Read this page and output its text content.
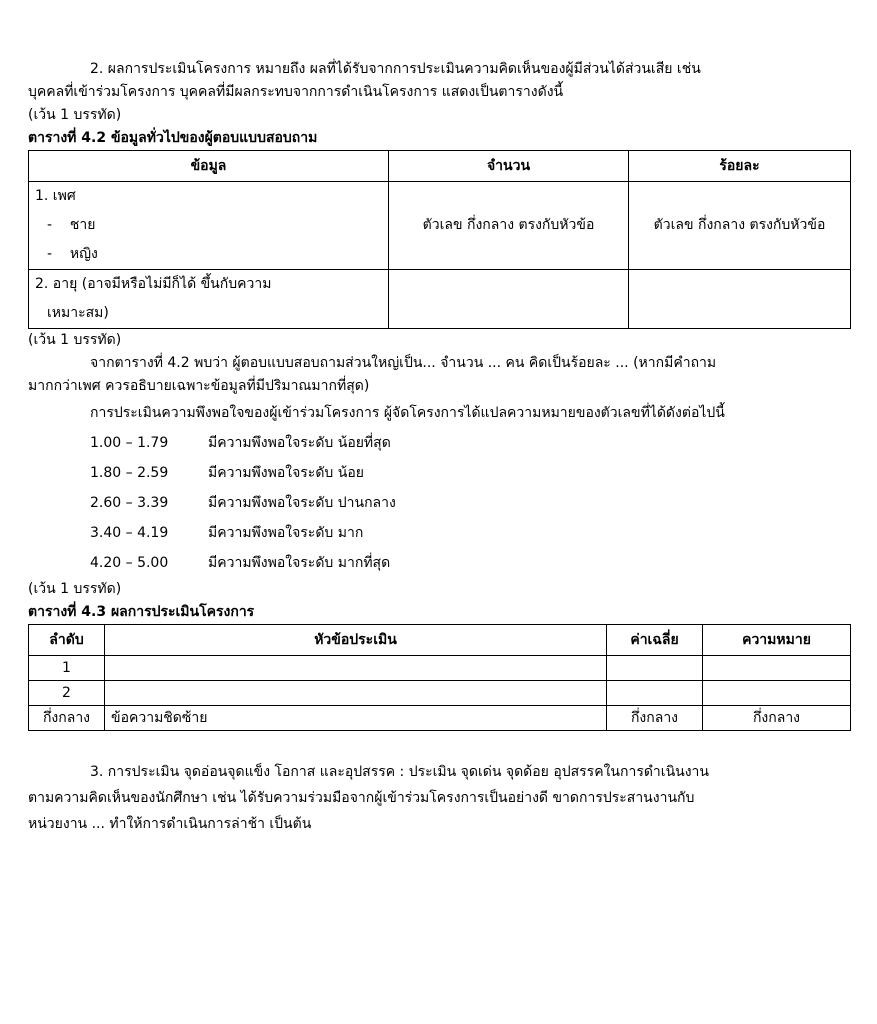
2. ผลการประเมินโครงการ หมายถึง ผลที่ได้รับจากการประเมินความคิดเห็นของผู้มีส่วนได้ส่วนเสีย เช่น
บุคคลที่เข้าร่วมโครงการ บุคคลที่มีผลกระทบจากการดำเนินโครงการ แสดงเป็นตารางดังนี้
(เว้น 1 บรรทัด)
ตารางที่ 4.2 ข้อมูลทั่วไปของผู้ตอบแบบสอบถาม
ข้อมูล	จำนวน	ร้อยละ

1. เพศ
-    ชาย
-    หญิง	ตัวเลข กึ่งกลาง ตรงกับหัวข้อ	ตัวเลข กึ่งกลาง ตรงกับหัวข้อ

2. อายุ (อาจมีหรือไม่มีก็ได้ ขึ้นกับความ
เหมาะสม)		

(เว้น 1 บรรทัด)
จากตารางที่ 4.2 พบว่า ผู้ตอบแบบสอบถามส่วนใหญ่เป็น... จำนวน ... คน คิดเป็นร้อยละ ... (หากมีคำถาม
มากกว่าเพศ ควรอธิบายเฉพาะข้อมูลที่มีปริมาณมากที่สุด)
การประเมินความพึงพอใจของผู้เข้าร่วมโครงการ ผู้จัดโครงการได้แปลความหมายของตัวเลขที่ได้ดังต่อไปนี้
1.00 – 1.79	มีความพึงพอใจระดับ น้อยที่สุด
1.80 – 2.59	มีความพึงพอใจระดับ น้อย
2.60 – 3.39	มีความพึงพอใจระดับ ปานกลาง
3.40 – 4.19	มีความพึงพอใจระดับ มาก
4.20 – 5.00	มีความพึงพอใจระดับ มากที่สุด
(เว้น 1 บรรทัด)
ตารางที่ 4.3 ผลการประเมินโครงการ
ลำดับ	หัวข้อประเมิน	ค่าเฉลี่ย	ความหมาย
1			
2			
กึ่งกลาง	ข้อความชิดซ้าย	กึ่งกลาง	กึ่งกลาง
3. การประเมิน จุดอ่อนจุดแข็ง โอกาส และอุปสรรค : ประเมิน จุดเด่น จุดด้อย อุปสรรคในการดำเนินงาน
ตามความคิดเห็นของนักศึกษา เช่น ได้รับความร่วมมือจากผู้เข้าร่วมโครงการเป็นอย่างดี ขาดการประสานงานกับ
หน่วยงาน ... ทำให้การดำเนินการล่าช้า เป็นต้น
